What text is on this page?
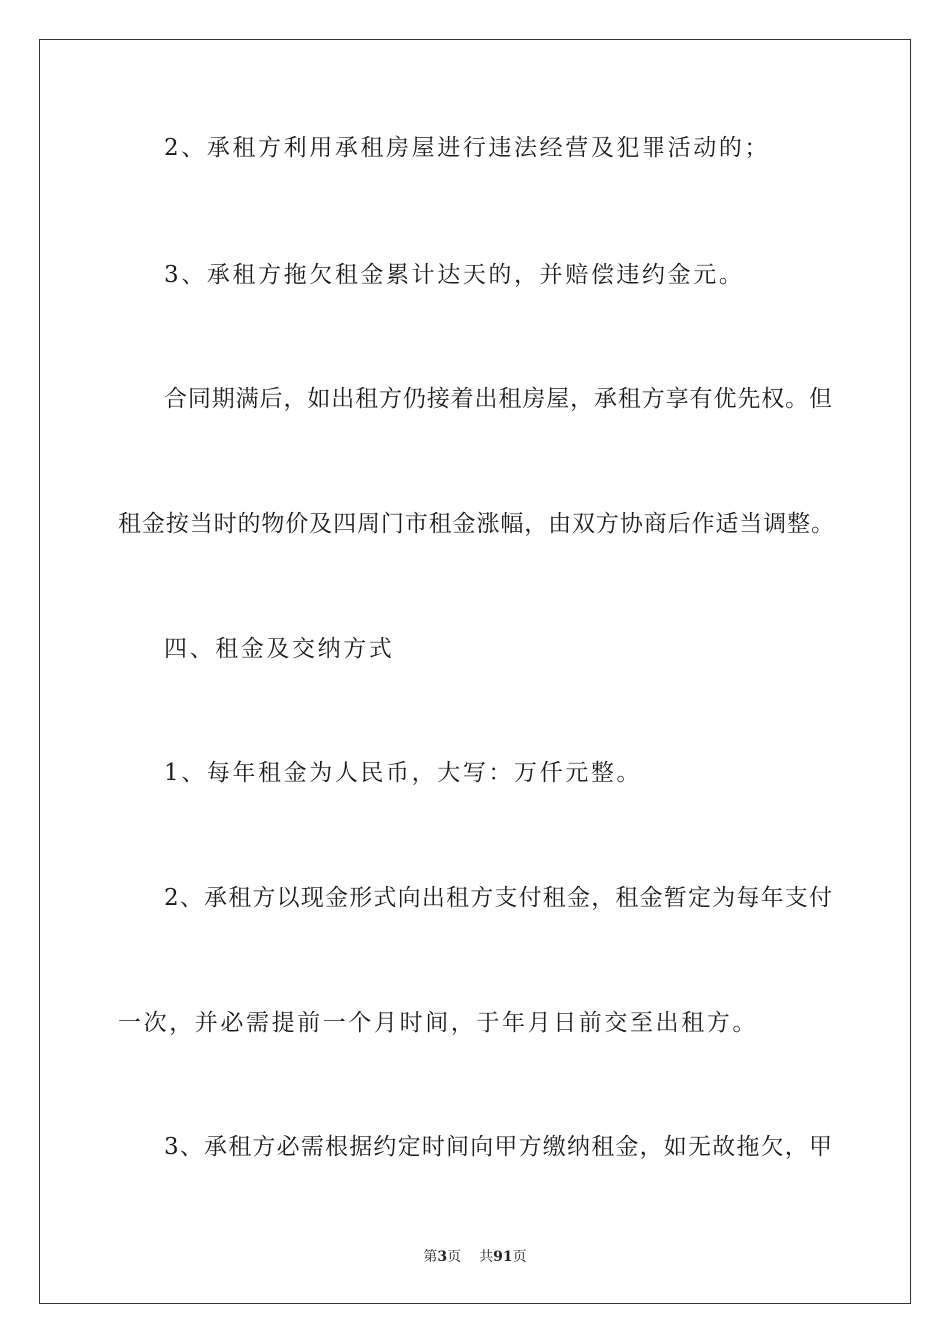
2、承租方利用承租房屋进行违法经营及犯罪活动的；
3、承租方拖欠租金累计达天的，并赔偿违约金元。
合同期满后，如出租方仍接着出租房屋，承租方享有优先权。但
租金按当时的物价及四周门市租金涨幅，由双方协商后作适当调整。
四、租金及交纳方式
1、每年租金为人民币，大写：万仟元整。
2、承租方以现金形式向出租方支付租金，租金暂定为每年支付
一次，并必需提前一个月时间，于年月日前交至出租方。
3、承租方必需根据约定时间向甲方缴纳租金，如无故拖欠，甲
第3页 共91页
